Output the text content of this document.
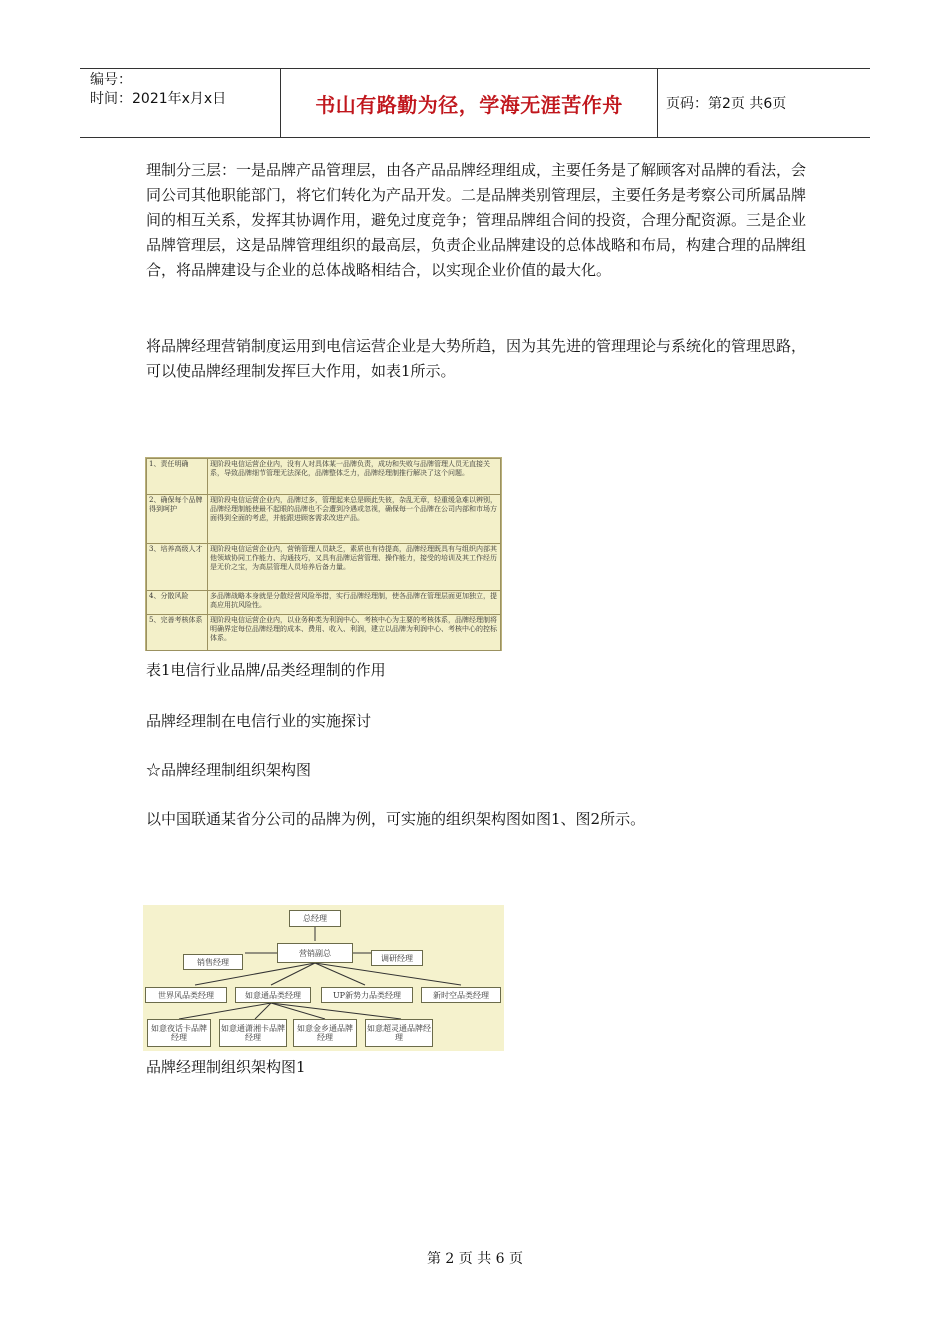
编号：
时间：2021年x月x日	书山有路勤为径，学海无涯苦作舟	页码：第2页 共6页

理制分三层：一是品牌产品管理层，由各产品品牌经理组成，主要任务是了解顾客对品牌的看法，会同公司其他职能部门，将它们转化为产品开发。二是品牌类别管理层，主要任务是考察公司所属品牌间的相互关系，发挥其协调作用，避免过度竞争；管理品牌组合间的投资，合理分配资源。三是企业品牌管理层，这是品牌管理组织的最高层，负责企业品牌建设的总体战略和布局，构建合理的品牌组合，将品牌建设与企业的总体战略相结合，以实现企业价值的最大化。

将品牌经理营销制度运用到电信运营企业是大势所趋，因为其先进的管理理论与系统化的管理思路，可以使品牌经理制发挥巨大作用，如表1所示。

1、责任明确	现阶段电信运营企业内，没有人对具体某一品牌负责，成功和失败与品牌管理人员无直接关系，导致品牌细节管理无法深化，品牌整体乏力，品牌经理制推行解决了这个问题。
2、确保每个品牌得到呵护	现阶段电信运营企业内，品牌过多，管理起来总是顾此失彼，杂乱无章，轻重缓急难以辨别，品牌经理制能使最不起眼的品牌也不会遭到冷遇或忽视，确保每一个品牌在公司内部和市场方面得到全面的考虑，并能跟进顾客需求改进产品。
3、培养高级人才	现阶段电信运营企业内，营销管理人员缺乏，素质也有待提高，品牌经理既具有与组织内部其他领域协同工作能力、沟通技巧，又具有品牌运营管理、操作能力，接受的培训及其工作经历是无价之宝，为高层管理人员培养后备力量。
4、分散风险	多品牌战略本身就是分散经营风险举措，实行品牌经理制，使各品牌在管理层面更加独立，提高应用抗风险性。
5、完善考核体系	现阶段电信运营企业内，以业务种类为利润中心、考核中心为主要的考核体系，品牌经理制将明确界定每位品牌经理的成本、费用、收入、利润，建立以品牌为利润中心、考核中心的控标体系。

表1电信行业品牌/品类经理制的作用

品牌经理制在电信行业的实施探讨

☆品牌经理制组织架构图

以中国联通某省分公司的品牌为例，可实施的组织架构图如图1、图2所示。

总经理
营销副总
销售经理	调研经理
世界风品类经理	如意通品类经理	UP新势力品类经理	新时空品类经理
如意夜话卡品牌经理
如意通潇湘卡品牌经理
如意金乡通品牌经理
如意超灵通品牌经理

品牌经理制组织架构图1

第 2 页 共 6 页
